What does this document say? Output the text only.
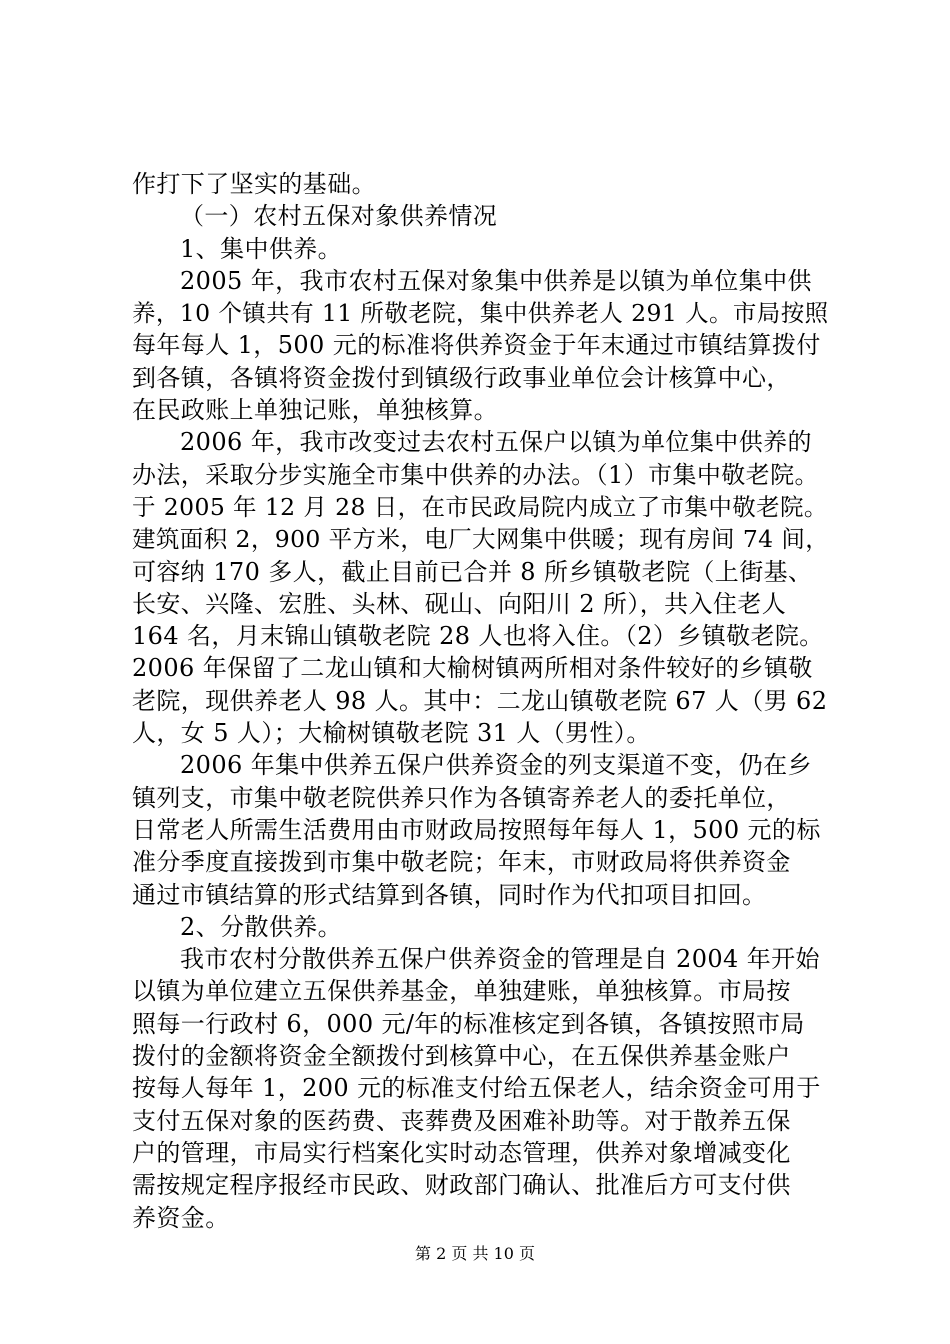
作打下了坚实的基础。
（一）农村五保对象供养情况
1、集中供养。
2005 年，我市农村五保对象集中供养是以镇为单位集中供
养，10 个镇共有 11 所敬老院，集中供养老人 291 人。市局按照
每年每人 1，500 元的标准将供养资金于年末通过市镇结算拨付
到各镇，各镇将资金拨付到镇级行政事业单位会计核算中心，
在民政账上单独记账，单独核算。
2006 年，我市改变过去农村五保户以镇为单位集中供养的
办法，采取分步实施全市集中供养的办法。（1）市集中敬老院。
于 2005 年 12 月 28 日，在市民政局院内成立了市集中敬老院。
建筑面积 2，900 平方米，电厂大网集中供暖；现有房间 74 间，
可容纳 170 多人，截止目前已合并 8 所乡镇敬老院（上街基、
长安、兴隆、宏胜、头林、砚山、向阳川 2 所），共入住老人
164 名，月末锦山镇敬老院 28 人也将入住。（2）乡镇敬老院。
2006 年保留了二龙山镇和大榆树镇两所相对条件较好的乡镇敬
老院，现供养老人 98 人。其中：二龙山镇敬老院 67 人（男 62
人，女 5 人）；大榆树镇敬老院 31 人（男性）。
2006 年集中供养五保户供养资金的列支渠道不变，仍在乡
镇列支，市集中敬老院供养只作为各镇寄养老人的委托单位，
日常老人所需生活费用由市财政局按照每年每人 1，500 元的标
准分季度直接拨到市集中敬老院；年末，市财政局将供养资金
通过市镇结算的形式结算到各镇，同时作为代扣项目扣回。
2、分散供养。
我市农村分散供养五保户供养资金的管理是自 2004 年开始
以镇为单位建立五保供养基金，单独建账，单独核算。市局按
照每一行政村 6，000 元/年的标准核定到各镇，各镇按照市局
拨付的金额将资金全额拨付到核算中心，在五保供养基金账户
按每人每年 1，200 元的标准支付给五保老人，结余资金可用于
支付五保对象的医药费、丧葬费及困难补助等。对于散养五保
户的管理，市局实行档案化实时动态管理，供养对象增减变化
需按规定程序报经市民政、财政部门确认、批准后方可支付供
养资金。
第 2 页 共 10 页
